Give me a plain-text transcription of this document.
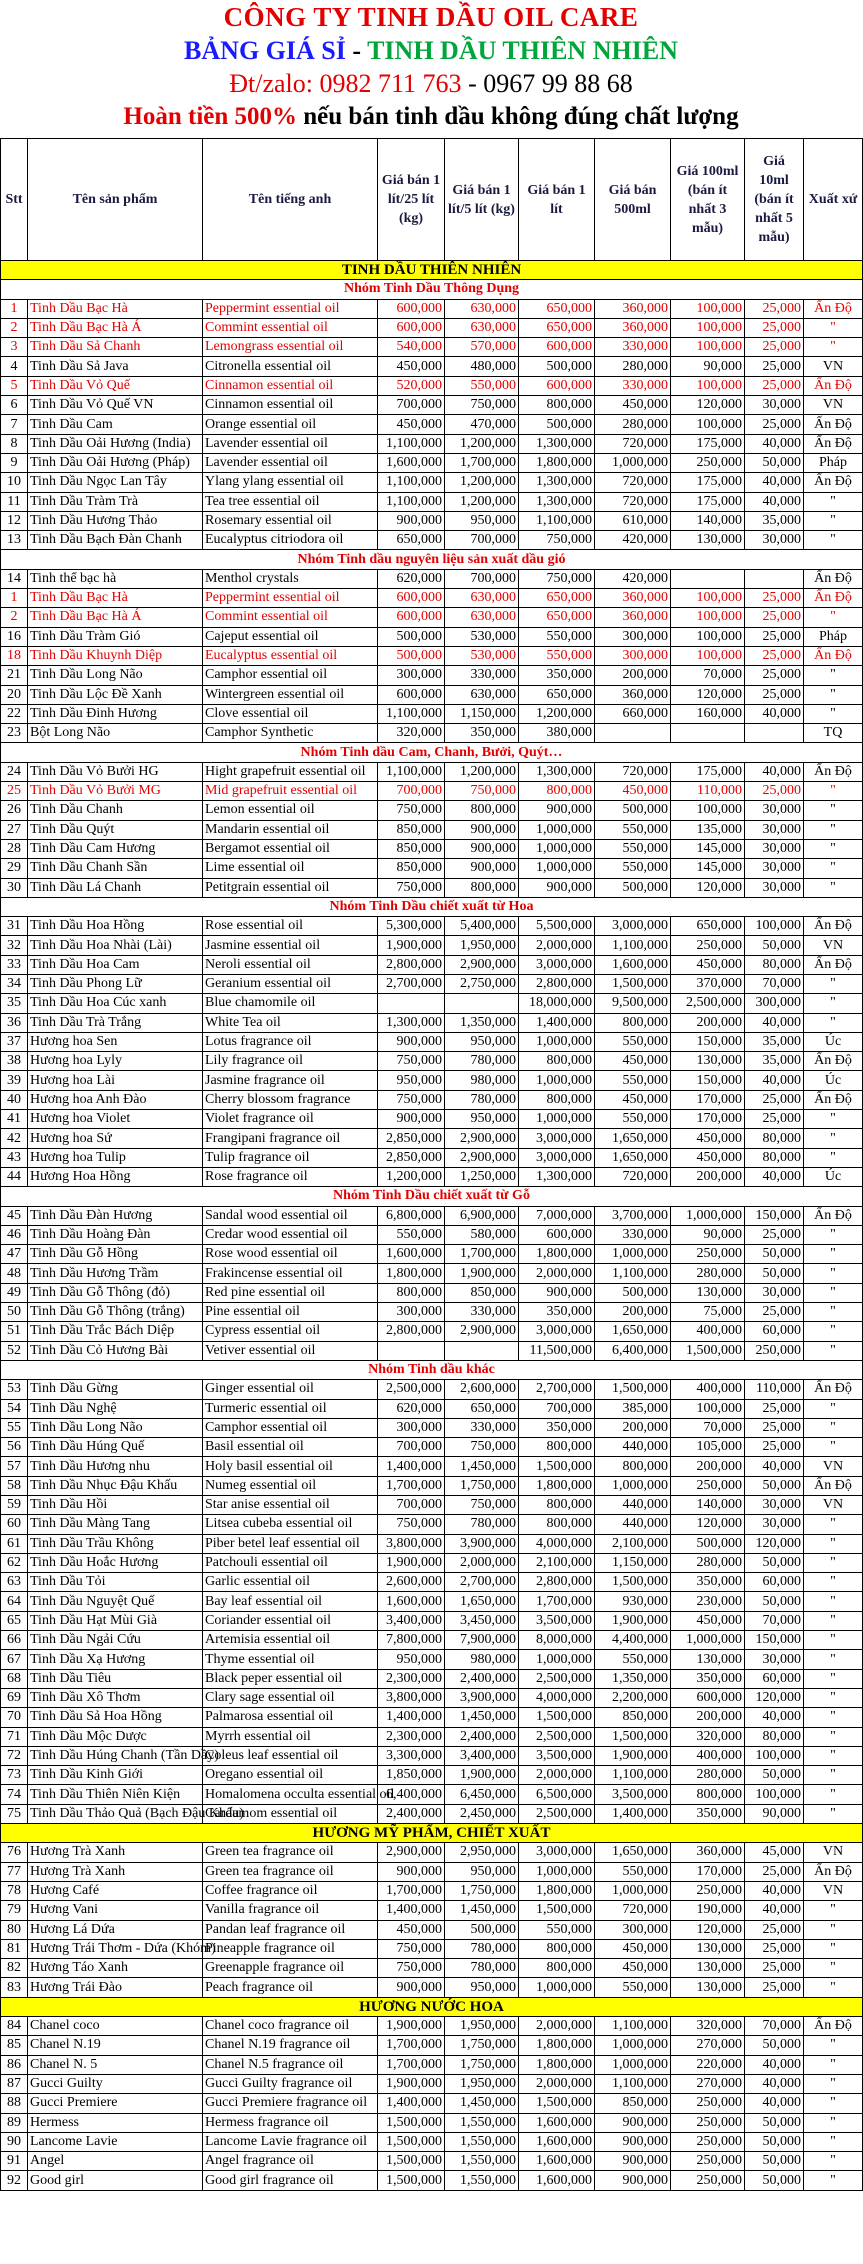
CÔNG TY TINH DẦU OIL CARE
BẢNG GIÁ SỈ - TINH DẦU THIÊN NHIÊN
Đt/zalo: 0982 711 763 - 0967 99 88 68
Hoàn tiền 500% nếu bán tinh dầu không đúng chất lượng
Stt	Tên sản phẩm	Tên tiếng anh	Giá bán 1 lít/25 lít (kg)	Giá bán 1 lít/5 lít (kg)	Giá bán 1 lít	Giá bán 500ml	Giá 100ml (bán ít nhất 3 mẫu)	Giá 10ml (bán ít nhất 5 mẫu)	Xuất xứ
TINH DẦU THIÊN NHIÊN									
Nhóm Tinh Dầu Thông Dụng									
1	Tinh Dầu Bạc Hà	Peppermint essential oil	600,000	630,000	650,000	360,000	100,000	25,000	Ấn Độ
2	Tinh Dầu Bạc Hà Á	Commint essential oil	600,000	630,000	650,000	360,000	100,000	25,000	"
3	Tinh Dầu Sả Chanh	Lemongrass essential oil	540,000	570,000	600,000	330,000	100,000	25,000	"
4	Tinh Dầu Sả Java	Citronella essential oil	450,000	480,000	500,000	280,000	90,000	25,000	VN
5	Tinh Dầu Vỏ Quế	Cinnamon essential oil	520,000	550,000	600,000	330,000	100,000	25,000	Ấn Độ
6	Tinh Dầu Vỏ Quế VN	Cinnamon essential oil	700,000	750,000	800,000	450,000	120,000	30,000	VN
7	Tinh Dầu Cam	Orange essential oil	450,000	470,000	500,000	280,000	100,000	25,000	Ấn Độ
8	Tinh Dầu Oải Hương (India)	Lavender essential oil	1,100,000	1,200,000	1,300,000	720,000	175,000	40,000	Ấn Độ
9	Tinh Dầu Oải Hương (Pháp)	Lavender essential oil	1,600,000	1,700,000	1,800,000	1,000,000	250,000	50,000	Pháp
10	Tinh Dầu Ngọc Lan Tây	Ylang ylang essential oil	1,100,000	1,200,000	1,300,000	720,000	175,000	40,000	Ấn Độ
11	Tinh Dầu Tràm Trà	Tea tree essential oil	1,100,000	1,200,000	1,300,000	720,000	175,000	40,000	"
12	Tinh Dầu Hương Thảo	Rosemary essential oil	900,000	950,000	1,100,000	610,000	140,000	35,000	"
13	Tinh Dầu Bạch Đàn Chanh	Eucalyptus citriodora oil	650,000	700,000	750,000	420,000	130,000	30,000	"
Nhóm Tinh dầu nguyên liệu sản xuất dầu gió									
14	Tinh thể bạc hà	Menthol crystals	620,000	700,000	750,000	420,000			Ấn Độ
1	Tinh Dầu Bạc Hà	Peppermint essential oil	600,000	630,000	650,000	360,000	100,000	25,000	Ấn Độ
2	Tinh Dầu Bạc Hà Á	Commint essential oil	600,000	630,000	650,000	360,000	100,000	25,000	"
16	Tinh Dầu Tràm Gió	Cajeput essential oil	500,000	530,000	550,000	300,000	100,000	25,000	Pháp
18	Tinh Dầu Khuynh Diệp	Eucalyptus essential oil	500,000	530,000	550,000	300,000	100,000	25,000	Ấn Độ
21	Tinh Dầu Long Não	Camphor essential oil	300,000	330,000	350,000	200,000	70,000	25,000	"
20	Tinh Dầu Lộc Đề Xanh	Wintergreen essential oil	600,000	630,000	650,000	360,000	120,000	25,000	"
22	Tinh Dầu Đinh Hương	Clove essential oil	1,100,000	1,150,000	1,200,000	660,000	160,000	40,000	"
23	Bột Long Não	Camphor Synthetic	320,000	350,000	380,000				TQ
Nhóm Tinh dầu Cam, Chanh, Bưởi, Quýt…									
24	Tinh Dầu Vỏ Bưởi HG	Hight grapefruit essential oil	1,100,000	1,200,000	1,300,000	720,000	175,000	40,000	Ấn Độ
25	Tinh Dầu Vỏ Bưởi MG	Mid grapefruit essential oil	700,000	750,000	800,000	450,000	110,000	25,000	"
26	Tinh Dầu Chanh	Lemon essential oil	750,000	800,000	900,000	500,000	100,000	30,000	"
27	Tinh Dầu Quýt	Mandarin essential oil	850,000	900,000	1,000,000	550,000	135,000	30,000	"
28	Tinh Dầu Cam Hương	Bergamot essential oil	850,000	900,000	1,000,000	550,000	145,000	30,000	"
29	Tinh Dầu Chanh Sần	Lime essential oil	850,000	900,000	1,000,000	550,000	145,000	30,000	"
30	Tinh Dầu Lá Chanh	Petitgrain essential oil	750,000	800,000	900,000	500,000	120,000	30,000	"
Nhóm Tinh Dầu chiết xuất từ Hoa									
31	Tinh Dầu Hoa Hồng	Rose essential oil	5,300,000	5,400,000	5,500,000	3,000,000	650,000	100,000	Ấn Độ
32	Tinh Dầu Hoa Nhài (Lài)	Jasmine essential oil	1,900,000	1,950,000	2,000,000	1,100,000	250,000	50,000	VN
33	Tinh Dầu Hoa Cam	Neroli essential oil	2,800,000	2,900,000	3,000,000	1,600,000	450,000	80,000	Ấn Độ
34	Tinh Dầu Phong Lữ	Geranium essential oil	2,700,000	2,750,000	2,800,000	1,500,000	370,000	70,000	"
35	Tinh Dầu Hoa Cúc xanh	Blue chamomile oil			18,000,000	9,500,000	2,500,000	300,000	"
36	Tinh Dầu Trà Trắng	White Tea oil	1,300,000	1,350,000	1,400,000	800,000	200,000	40,000	"
37	Hương hoa Sen	Lotus fragrance oil	900,000	950,000	1,000,000	550,000	150,000	35,000	Úc
38	Hương hoa Lyly	Lily fragrance oil	750,000	780,000	800,000	450,000	130,000	35,000	Ấn Độ
39	Hương hoa Lài	Jasmine fragrance oil	950,000	980,000	1,000,000	550,000	150,000	40,000	Úc
40	Hương hoa Anh Đào	Cherry blossom fragrance	750,000	780,000	800,000	450,000	170,000	25,000	Ấn Độ
41	Hương hoa Violet	Violet fragrance oil	900,000	950,000	1,000,000	550,000	170,000	25,000	"
42	Hương hoa Sứ	Frangipani fragrance oil	2,850,000	2,900,000	3,000,000	1,650,000	450,000	80,000	"
43	Hương hoa Tulip	Tulip fragrance oil	2,850,000	2,900,000	3,000,000	1,650,000	450,000	80,000	"
44	Hương Hoa Hồng	Rose fragrance oil	1,200,000	1,250,000	1,300,000	720,000	200,000	40,000	Úc
Nhóm Tinh Dầu chiết xuất từ Gỗ									
45	Tinh Dầu Đàn Hương	Sandal wood essential oil	6,800,000	6,900,000	7,000,000	3,700,000	1,000,000	150,000	Ấn Độ
46	Tinh Dầu Hoàng Đàn	Credar wood essential oil	550,000	580,000	600,000	330,000	90,000	25,000	"
47	Tinh Dầu Gỗ Hồng	Rose wood essential oil	1,600,000	1,700,000	1,800,000	1,000,000	250,000	50,000	"
48	Tinh Dầu Hương Trầm	Frakincense essential oil	1,800,000	1,900,000	2,000,000	1,100,000	280,000	50,000	"
49	Tinh Dầu Gỗ Thông (đỏ)	Red pine essential oil	800,000	850,000	900,000	500,000	130,000	30,000	"
50	Tinh Dầu Gỗ Thông (trắng)	Pine essential oil	300,000	330,000	350,000	200,000	75,000	25,000	"
51	Tinh Dầu Trắc Bách Diệp	Cypress essential oil	2,800,000	2,900,000	3,000,000	1,650,000	400,000	60,000	"
52	Tinh Dầu Cỏ Hương Bài	Vetiver essential oil			11,500,000	6,400,000	1,500,000	250,000	"
Nhóm Tinh dầu khác									
53	Tinh Dầu Gừng	Ginger essential oil	2,500,000	2,600,000	2,700,000	1,500,000	400,000	110,000	Ấn Độ
54	Tinh Dầu Nghệ	Turmeric essential oil	620,000	650,000	700,000	385,000	100,000	25,000	"
55	Tinh Dầu Long Não	Camphor essential oil	300,000	330,000	350,000	200,000	70,000	25,000	"
56	Tinh Dầu Húng Quế	Basil essential oil	700,000	750,000	800,000	440,000	105,000	25,000	"
57	Tinh Dầu Hương nhu	Holy basil essential oil	1,400,000	1,450,000	1,500,000	800,000	200,000	40,000	VN
58	Tinh Dầu Nhục Đậu Khấu	Numeg essential oil	1,700,000	1,750,000	1,800,000	1,000,000	250,000	50,000	Ấn Độ
59	Tinh Dầu Hồi	Star anise essential oil	700,000	750,000	800,000	440,000	140,000	30,000	VN
60	Tinh Dầu Màng Tang	Litsea cubeba essential oil	750,000	780,000	800,000	440,000	120,000	30,000	"
61	Tinh Dầu Trầu Không	Piber betel leaf essential oil	3,800,000	3,900,000	4,000,000	2,100,000	500,000	120,000	"
62	Tinh Dầu Hoắc Hương	Patchouli essential oil	1,900,000	2,000,000	2,100,000	1,150,000	280,000	50,000	"
63	Tinh Dầu Tỏi	Garlic essential oil	2,600,000	2,700,000	2,800,000	1,500,000	350,000	60,000	"
64	Tinh Dầu Nguyệt Quế	Bay leaf essential oil	1,600,000	1,650,000	1,700,000	930,000	230,000	50,000	"
65	Tinh Dầu Hạt Mùi Già	Coriander essential oil	3,400,000	3,450,000	3,500,000	1,900,000	450,000	70,000	"
66	Tinh Dầu Ngải Cứu	Artemisia essential oil	7,800,000	7,900,000	8,000,000	4,400,000	1,000,000	150,000	"
67	Tinh Dầu Xạ Hương	Thyme essential oil	950,000	980,000	1,000,000	550,000	130,000	30,000	"
68	Tinh Dầu Tiêu	Black peper essential oil	2,300,000	2,400,000	2,500,000	1,350,000	350,000	60,000	"
69	Tinh Dầu Xô Thơm	Clary sage essential oil	3,800,000	3,900,000	4,000,000	2,200,000	600,000	120,000	"
70	Tinh Dầu Sả Hoa Hồng	Palmarosa essential oil	1,400,000	1,450,000	1,500,000	850,000	200,000	40,000	"
71	Tinh Dầu Mộc Dược	Myrrh essential oil	2,300,000	2,400,000	2,500,000	1,500,000	320,000	80,000	"
72	Tinh Dầu Húng Chanh (Tần Dầy)	Coleus leaf essential oil	3,300,000	3,400,000	3,500,000	1,900,000	400,000	100,000	"
73	Tinh Dầu Kinh Giới	Oregano essential oil	1,850,000	1,900,000	2,000,000	1,100,000	280,000	50,000	"
74	Tinh Dầu Thiên Niên Kiện	Homalomena occulta essential oil	6,400,000	6,450,000	6,500,000	3,500,000	800,000	100,000	"
75	Tinh Dầu Thảo Quả (Bạch Đậu Khấu)	Cardamom essential oil	2,400,000	2,450,000	2,500,000	1,400,000	350,000	90,000	"
HƯƠNG MỸ PHẨM, CHIẾT XUẤT									
76	Hương Trà Xanh	Green tea fragrance oil	2,900,000	2,950,000	3,000,000	1,650,000	360,000	45,000	VN
77	Hương Trà Xanh	Green tea fragrance oil	900,000	950,000	1,000,000	550,000	170,000	25,000	Ấn Độ
78	Hương Café	Coffee fragrance oil	1,700,000	1,750,000	1,800,000	1,000,000	250,000	40,000	VN
79	Hương Vani	Vanilla fragrance oil	1,400,000	1,450,000	1,500,000	720,000	190,000	40,000	"
80	Hương Lá Dứa	Pandan leaf fragrance oil	450,000	500,000	550,000	300,000	120,000	25,000	"
81	Hương Trái Thơm - Dứa (Khóm)	Pineapple fragrance oil	750,000	780,000	800,000	450,000	130,000	25,000	"
82	Hương Táo Xanh	Greenapple fragrance oil	750,000	780,000	800,000	450,000	130,000	25,000	"
83	Hương Trái Đào	Peach fragrance oil	900,000	950,000	1,000,000	550,000	130,000	25,000	"
HƯƠNG NƯỚC HOA									
84	Chanel coco	Chanel coco fragrance oil	1,900,000	1,950,000	2,000,000	1,100,000	320,000	70,000	Ấn Độ
85	Chanel N.19	Chanel N.19 fragrance oil	1,700,000	1,750,000	1,800,000	1,000,000	270,000	50,000	"
86	Chanel N. 5	Chanel N.5 fragrance oil	1,700,000	1,750,000	1,800,000	1,000,000	220,000	40,000	"
87	Gucci Guilty	Gucci Guilty fragrance oil	1,900,000	1,950,000	2,000,000	1,100,000	270,000	40,000	"
88	Gucci Premiere	Gucci Premiere fragrance oil	1,400,000	1,450,000	1,500,000	850,000	250,000	40,000	"
89	Hermess	Hermess fragrance oil	1,500,000	1,550,000	1,600,000	900,000	250,000	50,000	"
90	Lancome Lavie	Lancome Lavie fragrance oil	1,500,000	1,550,000	1,600,000	900,000	250,000	50,000	"
91	Angel	Angel fragrance oil	1,500,000	1,550,000	1,600,000	900,000	250,000	50,000	"
92	Good girl	Good girl fragrance oil	1,500,000	1,550,000	1,600,000	900,000	250,000	50,000	"
